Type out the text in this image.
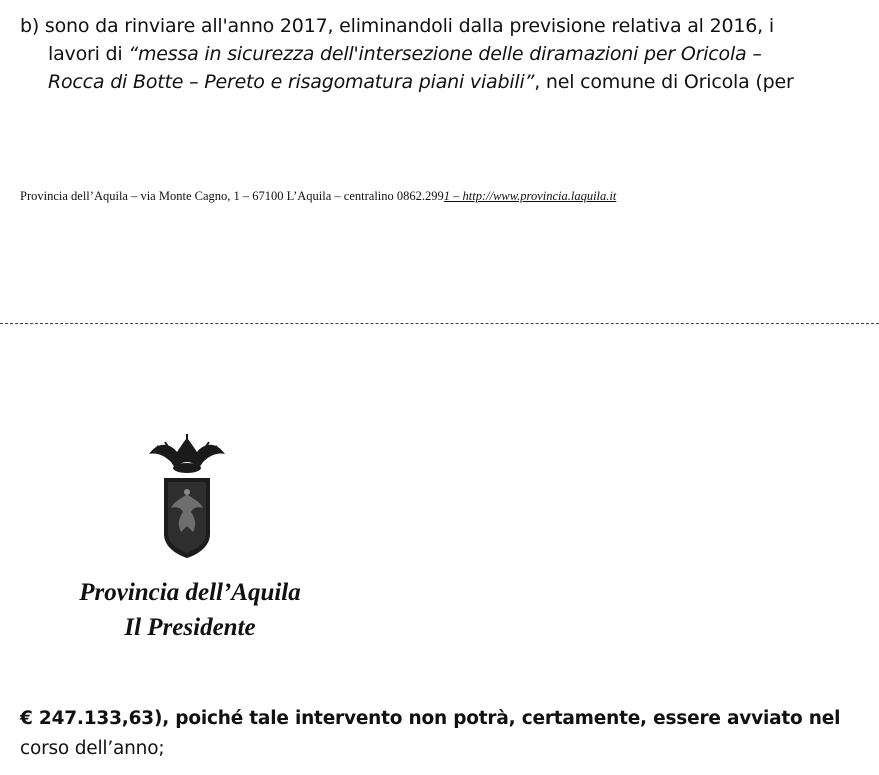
b) sono da rinviare all'anno 2017, eliminandoli dalla previsione relativa al 2016, i
lavori di “messa in sicurezza dell'intersezione delle diramazioni per Oricola –
Rocca di Botte – Pereto e risagomatura piani viabili”, nel comune di Oricola (per
Provincia dell’Aquila – via Monte Cagno, 1 – 67100 L’Aquila – centralino 0862.2991 – http://www.provincia.laquila.it
Provincia dell’Aquila
Il Presidente
€ 247.133,63), poiché tale intervento non potrà, certamente, essere avviato nel
corso dell’anno;
